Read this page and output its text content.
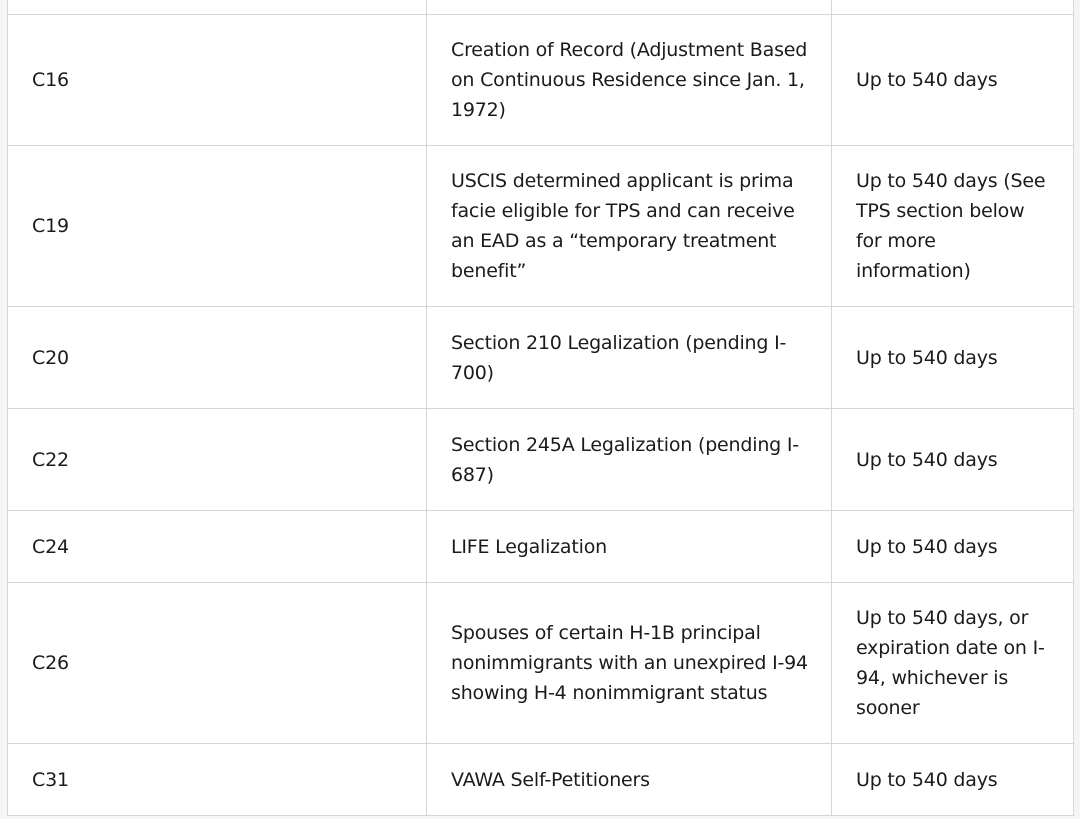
C16	Creation of Record (Adjustment Based on Continuous Residence since Jan. 1, 1972)	Up to 540 days
C19	USCIS determined applicant is prima facie eligible for TPS and can receive an EAD as a “temporary treatment benefit”	Up to 540 days (See TPS section below for more information)
C20	Section 210 Legalization (pending I-700)	Up to 540 days
C22	Section 245A Legalization (pending I-687)	Up to 540 days
C24	LIFE Legalization	Up to 540 days
C26	Spouses of certain H-1B principal nonimmigrants with an unexpired I-94 showing H-4 nonimmigrant status	Up to 540 days, or expiration date on I-94, whichever is sooner
C31	VAWA Self-Petitioners	Up to 540 days
